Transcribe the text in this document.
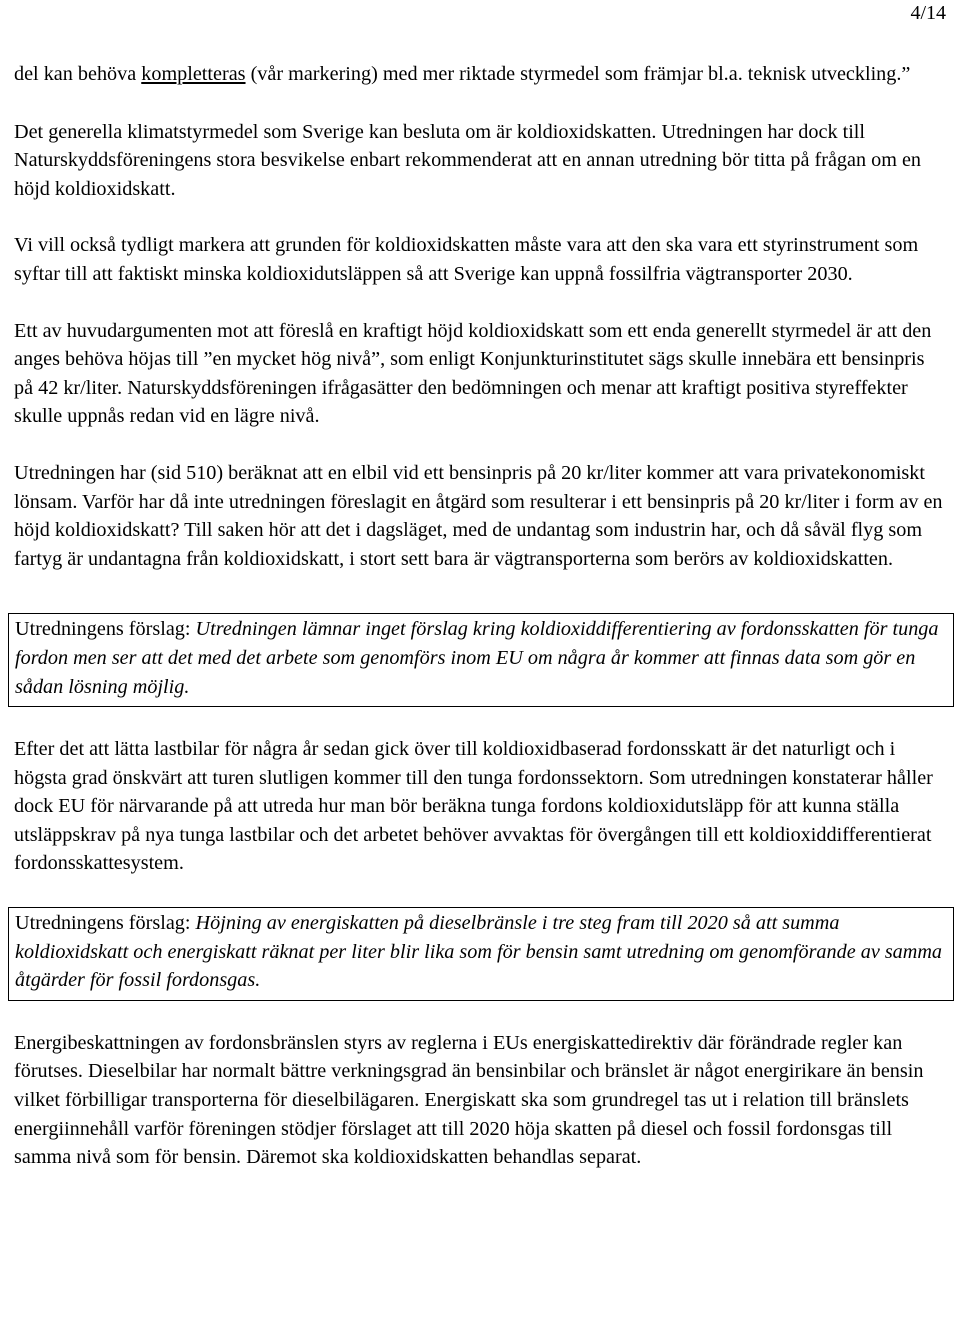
4/14

del kan behöva kompletteras (vår markering) med mer riktade styrmedel som främjar bl.a. teknisk utveckling.”

Det generella klimatstyrmedel som Sverige kan besluta om är koldioxidskatten. Utredningen har dock till Naturskyddsföreningens stora besvikelse enbart rekommenderat att en annan utredning bör titta på frågan om en höjd koldioxidskatt.

Vi vill också tydligt markera att grunden för koldioxidskatten måste vara att den ska vara ett styrinstrument som syftar till att faktiskt minska koldioxidutsläppen så att Sverige kan uppnå fossilfria vägtransporter 2030.

Ett av huvudargumenten mot att föreslå en kraftigt höjd koldioxidskatt som ett enda generellt styrmedel är att den anges behöva höjas till ”en mycket hög nivå”, som enligt Konjunkturinstitutet sägs skulle innebära ett bensinpris på 42 kr/liter. Naturskyddsföreningen ifrågasätter den bedömningen och menar att kraftigt positiva styreffekter skulle uppnås redan vid en lägre nivå.

Utredningen har (sid 510) beräknat att en elbil vid ett bensinpris på 20 kr/liter kommer att vara privatekonomiskt lönsam. Varför har då inte utredningen föreslagit en åtgärd som resulterar i ett bensinpris på 20 kr/liter i form av en höjd koldioxidskatt? Till saken hör att det i dagsläget, med de undantag som industrin har, och då såväl flyg som fartyg är undantagna från koldioxidskatt, i stort sett bara är vägtransporterna som berörs av koldioxidskatten.

Utredningens förslag: Utredningen lämnar inget förslag kring koldioxiddifferentiering av fordonsskatten för tunga fordon men ser att det med det arbete som genomförs inom EU om några år kommer att finnas data som gör en sådan lösning möjlig.

Efter det att lätta lastbilar för några år sedan gick över till koldioxidbaserad fordonsskatt är det naturligt och i högsta grad önskvärt att turen slutligen kommer till den tunga fordonssektorn. Som utredningen konstaterar håller dock EU för närvarande på att utreda hur man bör beräkna tunga fordons koldioxidutsläpp för att kunna ställa utsläppskrav på nya tunga lastbilar och det arbetet behöver avvaktas för övergången till ett koldioxiddifferentierat fordonsskattesystem.

Utredningens förslag: Höjning av energiskatten på dieselbränsle i tre steg fram till 2020 så att summa koldioxidskatt och energiskatt räknat per liter blir lika som för bensin samt utredning om genomförande av samma åtgärder för fossil fordonsgas.

Energibeskattningen av fordonsbränslen styrs av reglerna i EUs energiskattedirektiv där förändrade regler kan förutses. Dieselbilar har normalt bättre verkningsgrad än bensinbilar och bränslet är något energirikare än bensin vilket förbilligar transporterna för dieselbilägaren. Energiskatt ska som grundregel tas ut i relation till bränslets energiinnehåll varför föreningen stödjer förslaget att till 2020 höja skatten på diesel och fossil fordonsgas till samma nivå som för bensin. Däremot ska koldioxidskatten behandlas separat.
